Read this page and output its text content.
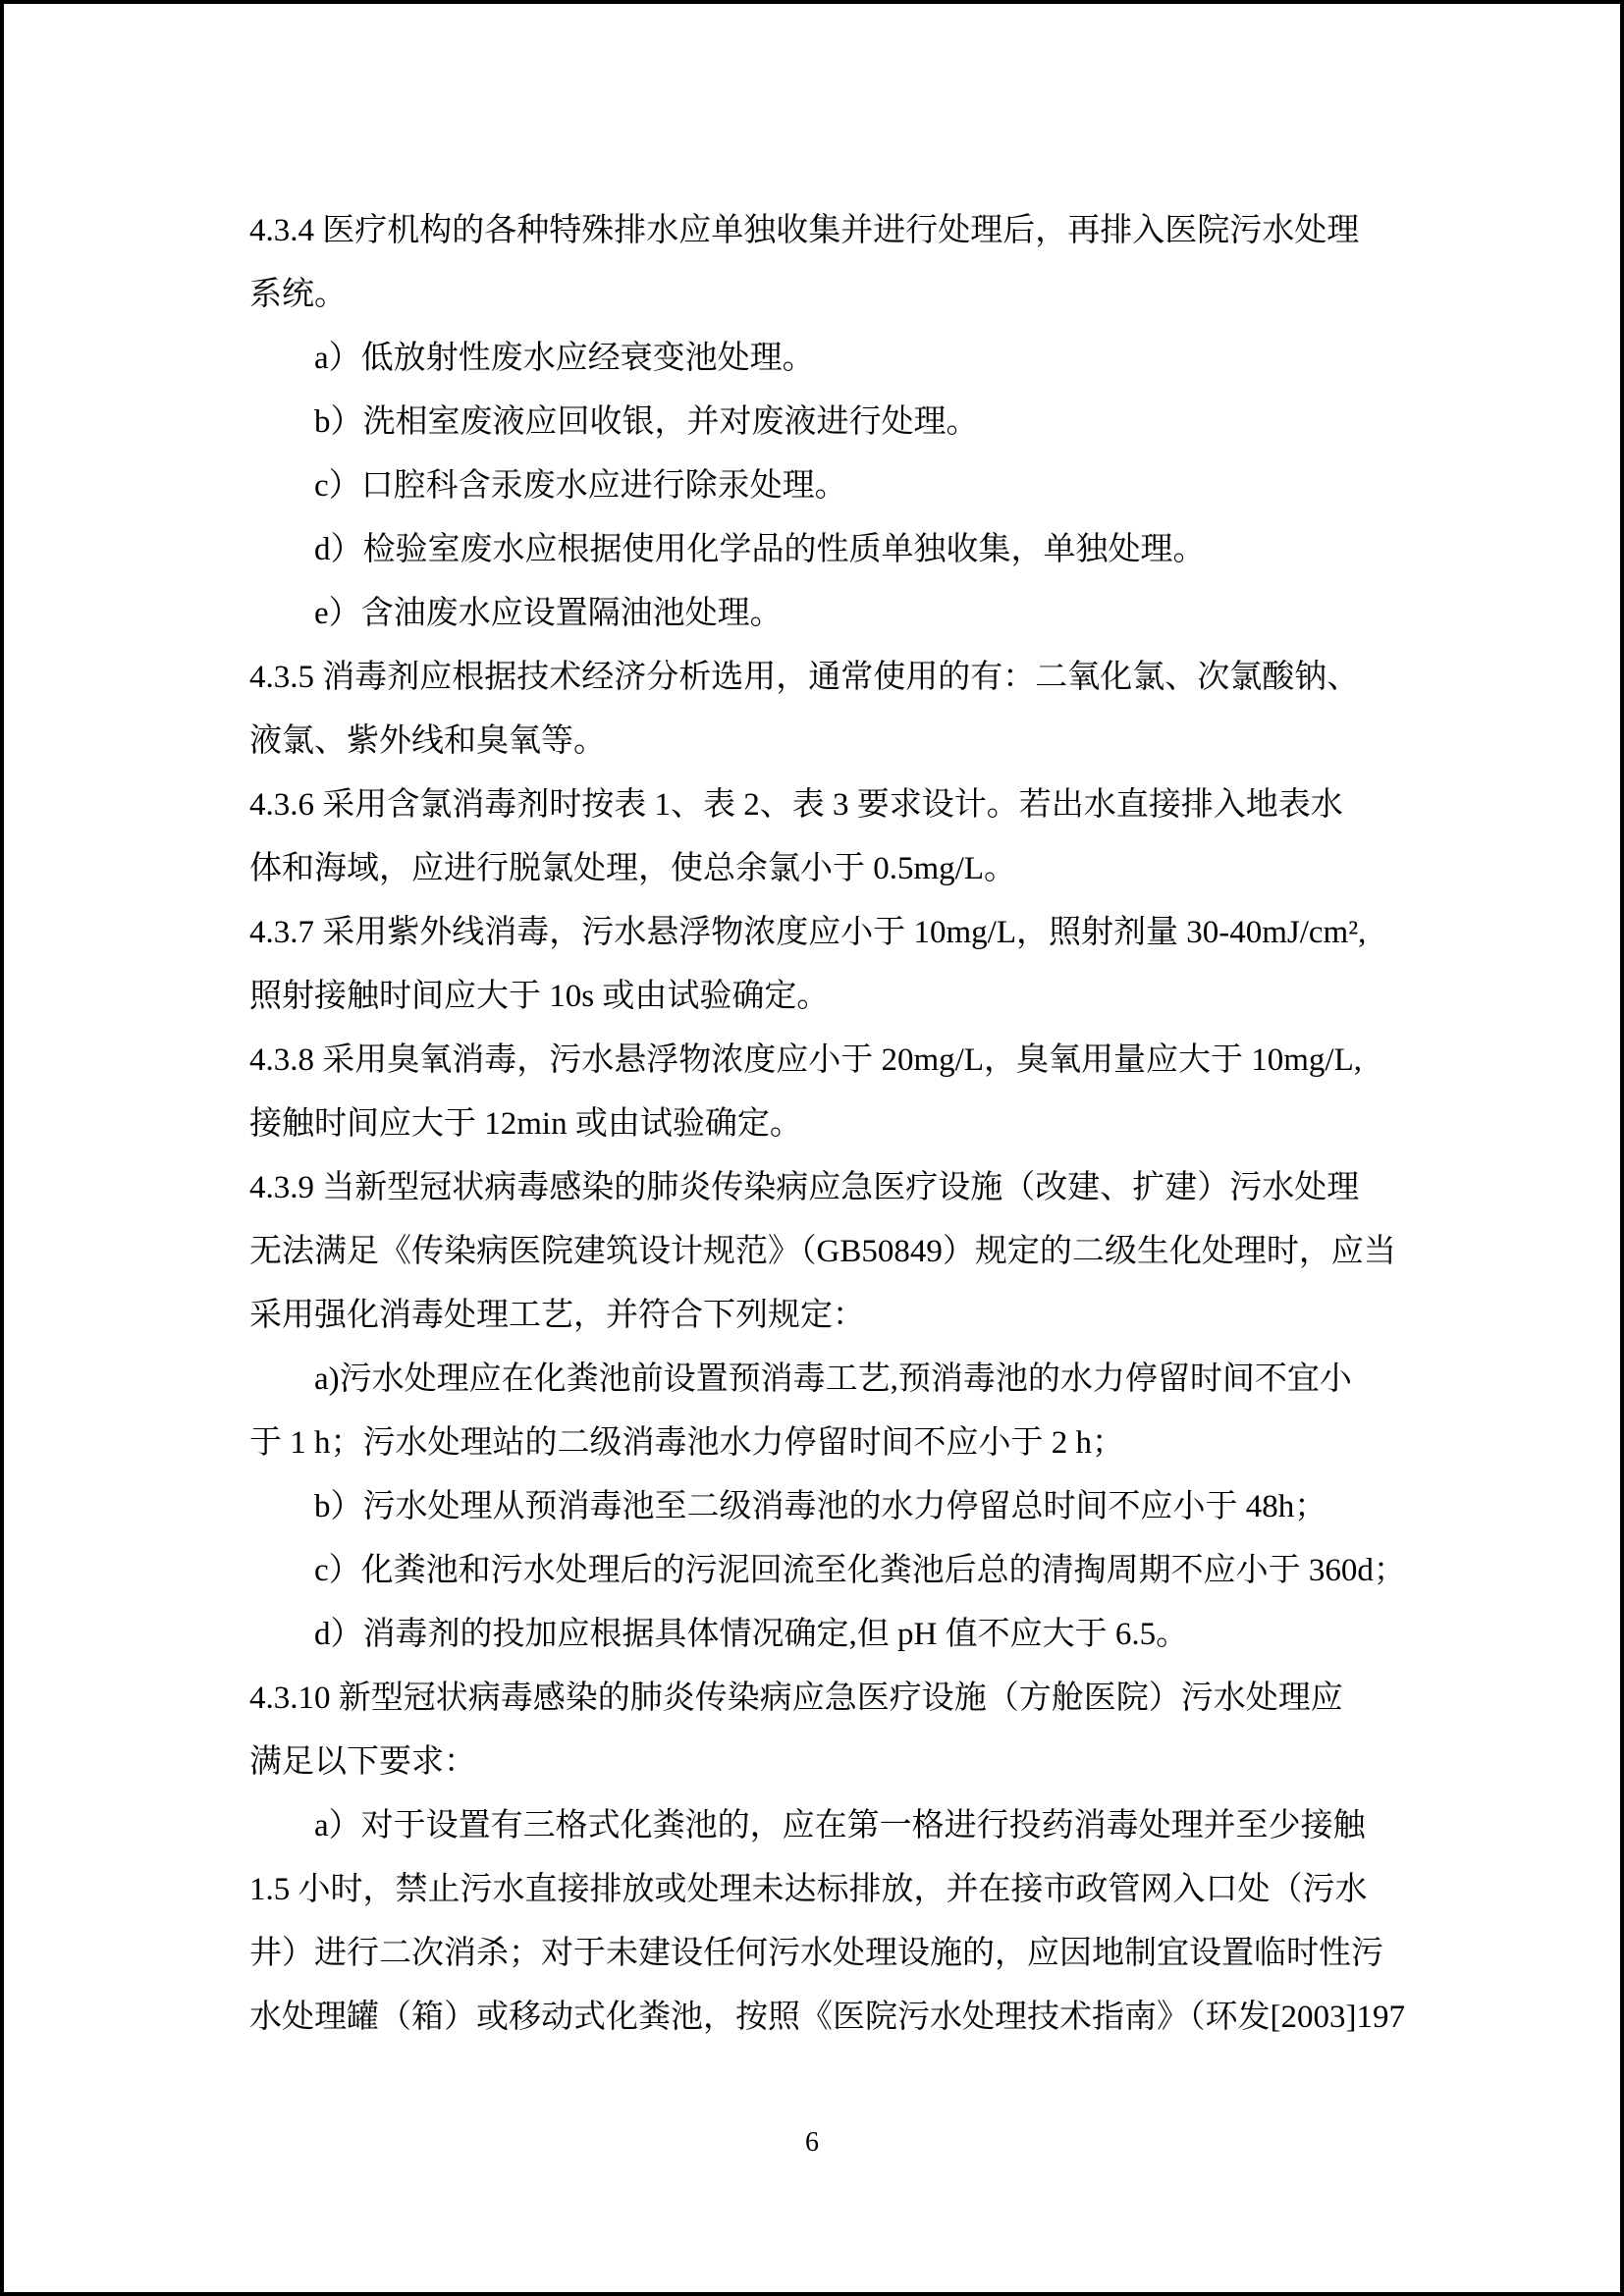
4.3.4 医疗机构的各种特殊排水应单独收集并进行处理后，再排入医院污水处理
系统。
a）低放射性废水应经衰变池处理。
b）洗相室废液应回收银，并对废液进行处理。
c）口腔科含汞废水应进行除汞处理。
d）检验室废水应根据使用化学品的性质单独收集，单独处理。
e）含油废水应设置隔油池处理。
4.3.5 消毒剂应根据技术经济分析选用，通常使用的有：二氧化氯、次氯酸钠、
液氯、紫外线和臭氧等。
4.3.6 采用含氯消毒剂时按表 1、表 2、表 3 要求设计。若出水直接排入地表水
体和海域，应进行脱氯处理，使总余氯小于 0.5mg/L。
4.3.7 采用紫外线消毒，污水悬浮物浓度应小于 10mg/L，照射剂量 30-40mJ/cm²,
照射接触时间应大于 10s 或由试验确定。
4.3.8 采用臭氧消毒，污水悬浮物浓度应小于 20mg/L，臭氧用量应大于 10mg/L,
接触时间应大于 12min 或由试验确定。
4.3.9 当新型冠状病毒感染的肺炎传染病应急医疗设施（改建、扩建）污水处理
无法满足《传染病医院建筑设计规范》（GB50849）规定的二级生化处理时，应当
采用强化消毒处理工艺，并符合下列规定：
a)污水处理应在化粪池前设置预消毒工艺,预消毒池的水力停留时间不宜小
于 1 h；污水处理站的二级消毒池水力停留时间不应小于 2 h；
b）污水处理从预消毒池至二级消毒池的水力停留总时间不应小于 48h；
c）化粪池和污水处理后的污泥回流至化粪池后总的清掏周期不应小于 360d；
d）消毒剂的投加应根据具体情况确定,但 pH 值不应大于 6.5。
4.3.10 新型冠状病毒感染的肺炎传染病应急医疗设施（方舱医院）污水处理应
满足以下要求：
a）对于设置有三格式化粪池的，应在第一格进行投药消毒处理并至少接触
1.5 小时，禁止污水直接排放或处理未达标排放，并在接市政管网入口处（污水
井）进行二次消杀；对于未建设任何污水处理设施的，应因地制宜设置临时性污
水处理罐（箱）或移动式化粪池，按照《医院污水处理技术指南》（环发[2003]197
6
